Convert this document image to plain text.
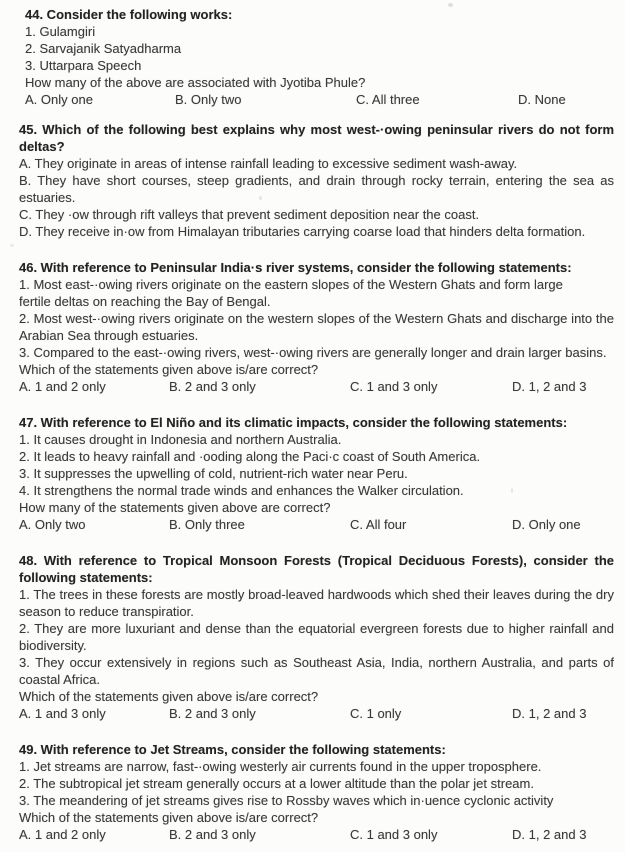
44. Consider the following works:

1. Gulamgiri

2. Sarvajanik Satyadharma

3. Uttarpara Speech

How many of the above are associated with Jyotiba Phule?

A. Only one	B. Only two	C. All three	D. None

45. Which of the following best explains why most west-·owing peninsular rivers do not form deltas?

A. They originate in areas of intense rainfall leading to excessive sediment wash-away.

B. They have short courses, steep gradients, and drain through rocky terrain, entering the sea as estuaries.

C. They ·ow through rift valleys that prevent sediment deposition near the coast.

D. They receive in·ow from Himalayan tributaries carrying coarse load that hinders delta formation.

46. With reference to Peninsular India·s river systems, consider the following statements:

1. Most east-·owing rivers originate on the eastern slopes of the Western Ghats and form large fertile deltas on reaching the Bay of Bengal.

2. Most west-·owing rivers originate on the western slopes of the Western Ghats and discharge into the Arabian Sea through estuaries.

3. Compared to the east-·owing rivers, west-·owing rivers are generally longer and drain larger basins.

Which of the statements given above is/are correct?

A. 1 and 2 only	B. 2 and 3 only	C. 1 and 3 only	D. 1, 2 and 3

47. With reference to El Niño and its climatic impacts, consider the following statements:

1. It causes drought in Indonesia and northern Australia.

2. It leads to heavy rainfall and ·ooding along the Paci·c coast of South America.

3. It suppresses the upwelling of cold, nutrient-rich water near Peru.

4. It strengthens the normal trade winds and enhances the Walker circulation.

How many of the statements given above are correct?

A. Only two	B. Only three	C. All four	D. Only one

48. With reference to Tropical Monsoon Forests (Tropical Deciduous Forests), consider the following statements:

1. The trees in these forests are mostly broad-leaved hardwoods which shed their leaves during the dry season to reduce transpiratior.

2. They are more luxuriant and dense than the equatorial evergreen forests due to higher rainfall and biodiversity.

3. They occur extensively in regions such as Southeast Asia, India, northern Australia, and parts of coastal Africa.

Which of the statements given above is/are correct?

A. 1 and 3 only	B. 2 and 3 only	C. 1 only	D. 1, 2 and 3

49. With reference to Jet Streams, consider the following statements:

1. Jet streams are narrow, fast-·owing westerly air currents found in the upper troposphere.

2. The subtropical jet stream generally occurs at a lower altitude than the polar jet stream.

3. The meandering of jet streams gives rise to Rossby waves which in·uence cyclonic activity

Which of the statements given above is/are correct?

A. 1 and 2 only	B. 2 and 3 only	C. 1 and 3 only	D. 1, 2 and 3
